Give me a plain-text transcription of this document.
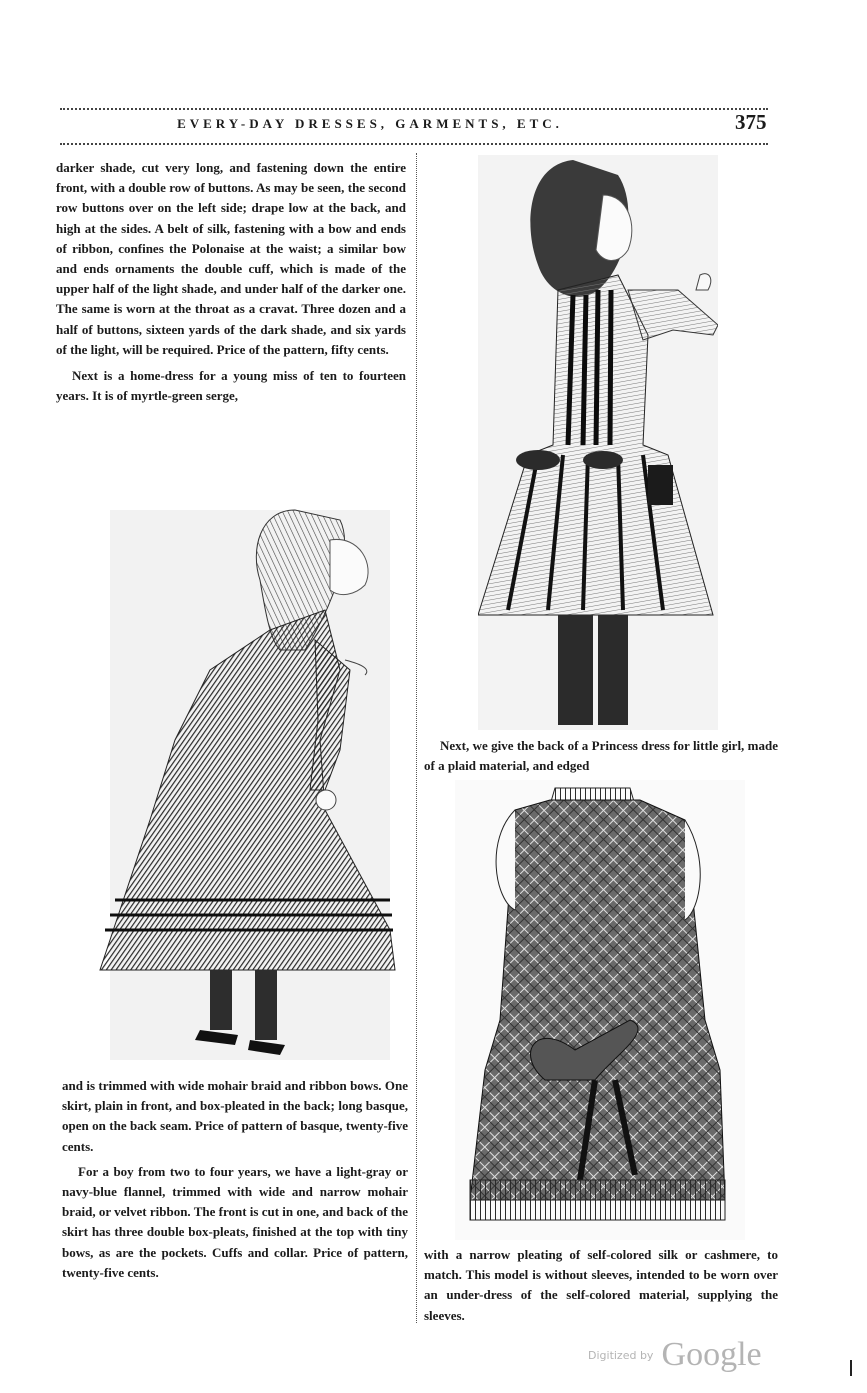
EVERY-DAY DRESSES, GARMENTS, ETC.	375

darker shade, cut very long, and fastening down the entire front, with a double row of buttons. As may be seen, the second row buttons over on the left side; drape low at the back, and high at the sides. A belt of silk, fastening with a bow and ends of ribbon, confines the Polonaise at the waist; a similar bow and ends ornaments the double cuff, which is made of the upper half of the light shade, and under half of the darker one. The same is worn at the throat as a cravat. Three dozen and a half of buttons, sixteen yards of the dark shade, and six yards of the light, will be required. Price of the pattern, fifty cents.

Next is a home-dress for a young miss of ten to fourteen years. It is of myrtle-green serge,

and is trimmed with wide mohair braid and ribbon bows. One skirt, plain in front, and box-pleated in the back; long basque, open on the back seam. Price of pattern of basque, twenty-five cents.

For a boy from two to four years, we have a light-gray or navy-blue flannel, trimmed with wide and narrow mohair braid, or velvet ribbon. The front is cut in one, and back of the skirt has three double box-pleats, finished at the top with tiny bows, as are the pockets. Cuffs and collar. Price of pattern, twenty-five cents.

Next, we give the back of a Princess dress for little girl, made of a plaid material, and edged

with a narrow pleating of self-colored silk or cashmere, to match. This model is without sleeves, intended to be worn over an under-dress of the self-colored material, supplying the sleeves.

$^{Digitized by}$ Google
